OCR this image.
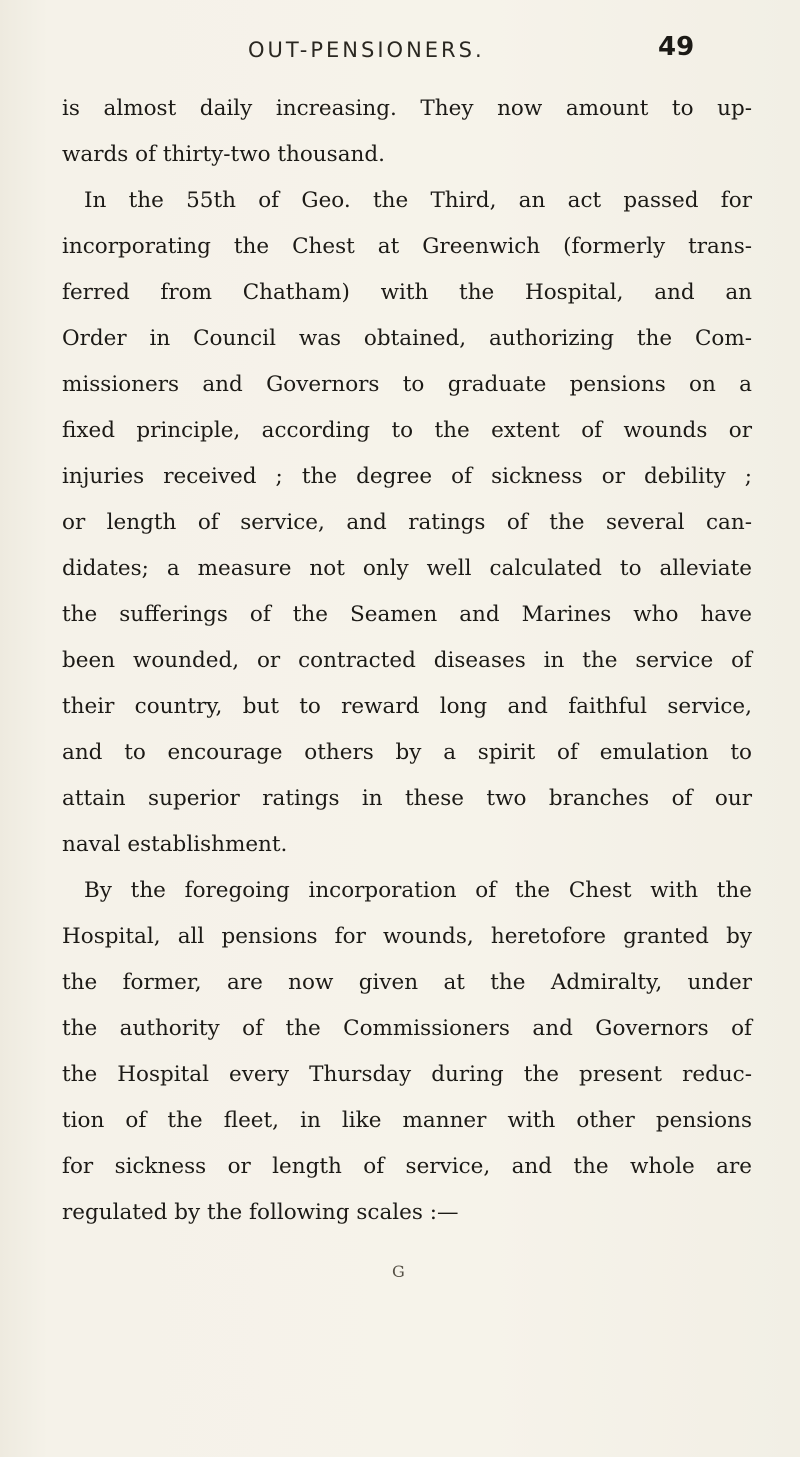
OUT-PENSIONERS.	49
is almost daily increasing. They now amount to up-
wards of thirty-two thousand.
In the 55th of Geo. the Third, an act passed for
incorporating the Chest at Greenwich (formerly trans-
ferred from Chatham) with the Hospital, and an
Order in Council was obtained, authorizing the Com-
missioners and Governors to graduate pensions on a
fixed principle, according to the extent of wounds or
injuries received ; the degree of sickness or debility ;
or length of service, and ratings of the several can-
didates; a measure not only well calculated to alleviate
the sufferings of the Seamen and Marines who have
been wounded, or contracted diseases in the service of
their country, but to reward long and faithful service,
and to encourage others by a spirit of emulation to
attain superior ratings in these two branches of our
naval establishment.
By the foregoing incorporation of the Chest with the
Hospital, all pensions for wounds, heretofore granted by
the former, are now given at the Admiralty, under
the authority of the Commissioners and Governors of
the Hospital every Thursday during the present reduc-
tion of the fleet, in like manner with other pensions
for sickness or length of service, and the whole are
regulated by the following scales :—
G
